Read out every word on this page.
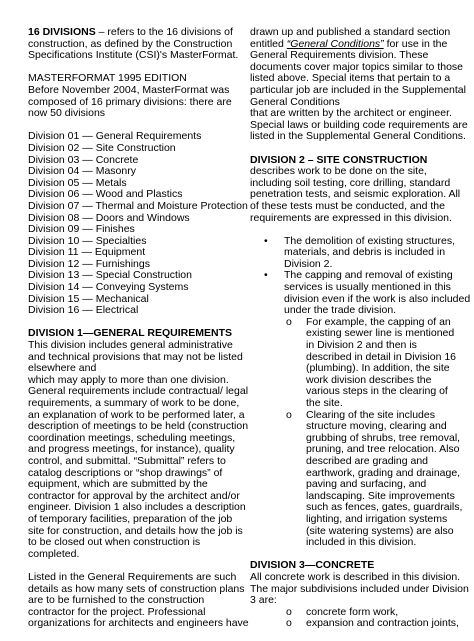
16 DIVISIONS – refers to the 16 divisions of
construction, as defined by the Construction
Specifications Institute (CSI)'s MasterFormat.
MASTERFORMAT 1995 EDITION
Before November 2004, MasterFormat was
composed of 16 primary divisions: there are
now 50 divisions
Division 01 — General Requirements
Division 02 — Site Construction
Division 03 — Concrete
Division 04 — Masonry
Division 05 — Metals
Division 06 — Wood and Plastics
Division 07 — Thermal and Moisture Protection
Division 08 — Doors and Windows
Division 09 — Finishes
Division 10 — Specialties
Division 11 — Equipment
Division 12 — Furnishings
Division 13 — Special Construction
Division 14 — Conveying Systems
Division 15 — Mechanical
Division 16 — Electrical
DIVISION 1—GENERAL REQUIREMENTS
This division includes general administrative
and technical provisions that may not be listed
elsewhere and
which may apply to more than one division.
General requirements include contractual/ legal
requirements, a summary of work to be done,
an explanation of work to be performed later, a
description of meetings to be held (construction
coordination meetings, scheduling meetings,
and progress meetings, for instance), quality
control, and submittal. “Submittal” refers to
catalog descriptions or “shop drawings” of
equipment, which are submitted by the
contractor for approval by the architect and/or
engineer. Division 1 also includes a description
of temporary facilities, preparation of the job
site for construction, and details how the job is
to be closed out when construction is
completed.
Listed in the General Requirements are such
details as how many sets of construction plans
are to be furnished to the construction
contractor for the project. Professional
organizations for architects and engineers have
drawn up and published a standard section
entitled “General Conditions” for use in the
General Requirements division. These
documents cover major topics similar to those
listed above. Special items that pertain to a
particular job are included in the Supplemental
General Conditions
that are written by the architect or engineer.
Special laws or building code requirements are
listed in the Supplemental General Conditions.
DIVISION 2 – SITE CONSTRUCTION
describes work to be done on the site,
including soil testing, core drilling, standard
penetration tests, and seismic exploration. All
of these tests must be conducted, and the
requirements are expressed in this division.
• The demolition of existing structures,
materials, and debris is included in
Division 2.
• The capping and removal of existing
services is usually mentioned in this
division even if the work is also included
under the trade division.
o For example, the capping of an
existing sewer line is mentioned
in Division 2 and then is
described in detail in Division 16
(plumbing). In addition, the site
work division describes the
various steps in the clearing of
the site.
o Clearing of the site includes
structure moving, clearing and
grubbing of shrubs, tree removal,
pruning, and tree relocation. Also
described are grading and
earthwork, grading and drainage,
paving and surfacing, and
landscaping. Site improvements
such as fences, gates, guardrails,
lighting, and irrigation systems
(site watering systems) are also
included in this division.
DIVISION 3—CONCRETE
All concrete work is described in this division.
The major subdivisions included under Division
3 are:
o concrete form work,
o expansion and contraction joints,
